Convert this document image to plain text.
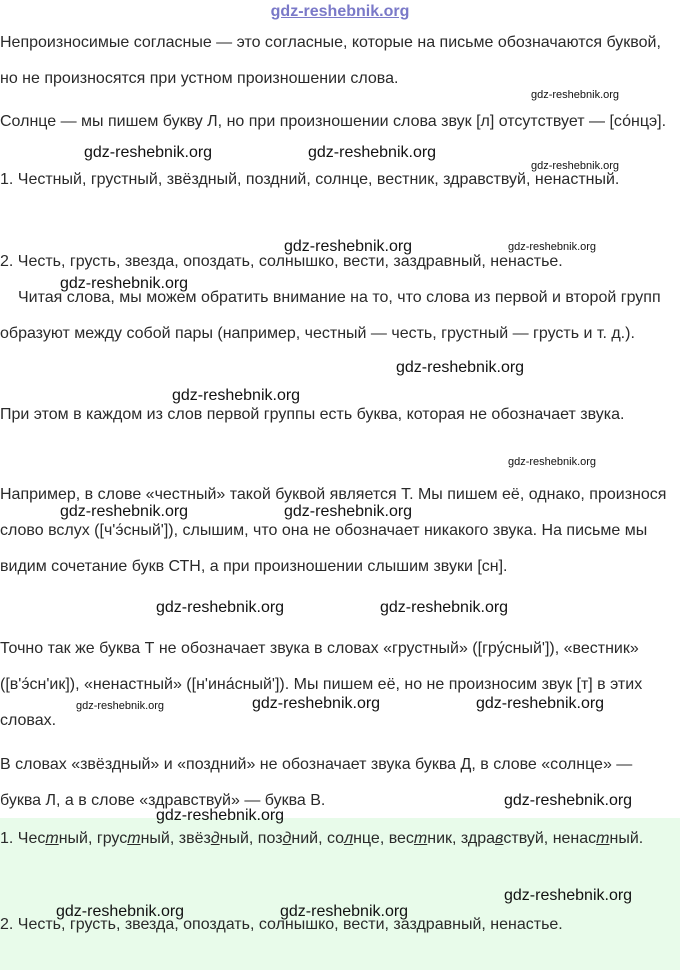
gdz-reshebnik.org

Непроизносимые согласные — это согласные, которые на письме обозначаются буквой, но не произносятся при устном произношении слова.

Солнце — мы пишем букву Л, но при произношении слова звук [л] отсутствует — [со́нцэ].

1. Честный, грустный, звёздный, поздний, солнце, вестник, здравствуй, ненастный.

2. Честь, грусть, звезда, опоздать, солнышко, вести, заздравный, ненастье.

Читая слова, мы можем обратить внимание на то, что слова из первой и второй групп образуют между собой пары (например, честный — честь, грустный — грусть и т. д.).

При этом в каждом из слов первой группы есть буква, которая не обозначает звука.

Например, в слове «честный» такой буквой является Т. Мы пишем её, однако, произнося слово вслух ([ч'э́сный']), слышим, что она не обозначает никакого звука. На письме мы видим сочетание букв СТН, а при произношении слышим звуки [сн].

Точно так же буква Т не обозначает звука в словах «грустный» ([гру́сный']), «вестник» ([в'э́сн'ик]), «ненастный» ([н'ина́сный']). Мы пишем её, но не произносим звук [т] в этих словах.

В словах «звёздный» и «поздний» не обозначает звука буква Д, в слове «солнце» — буква Л, а в слове «здравствуй» — буква В.

1. Честный, грустный, звёздный, поздний, солнце, вестник, здравствуй, ненастный.

2. Честь, грусть, звезда, опоздать, солнышко, вести, заздравный, ненастье.

gdz-reshebnik.org	gdz-reshebnik.org
gdz-reshebnik.org
gdz-reshebnik.org
gdz-reshebnik.org	gdz-reshebnik.org
gdz-reshebnik.org
gdz-reshebnik.org
gdz-reshebnik.org
gdz-reshebnik.org
gdz-reshebnik.org	gdz-reshebnik.org
gdz-reshebnik.org	gdz-reshebnik.org
gdz-reshebnik.org	gdz-reshebnik.org	gdz-reshebnik.org
gdz-reshebnik.org
gdz-reshebnik.org
gdz-reshebnik.org
gdz-reshebnik.org	gdz-reshebnik.org
